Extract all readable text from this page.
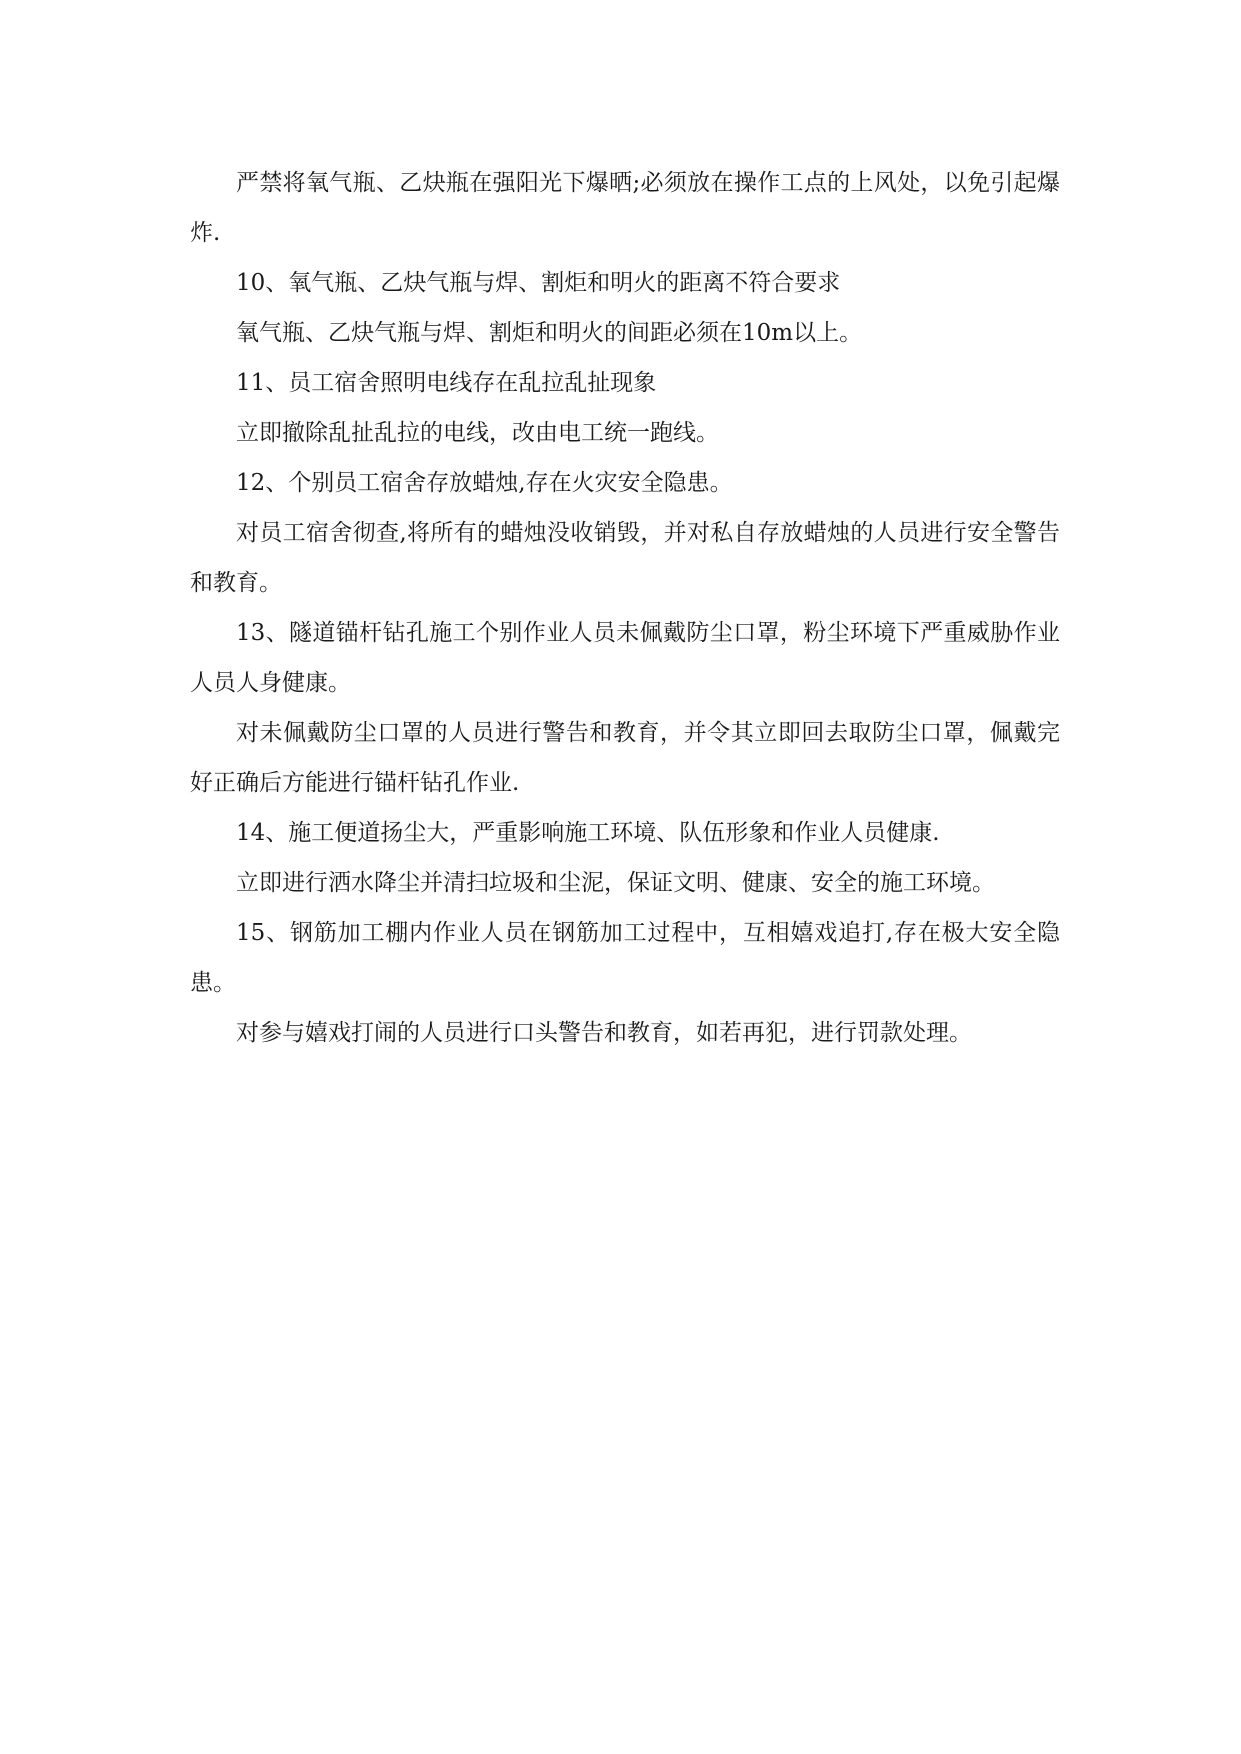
严禁将氧气瓶、乙炔瓶在强阳光下爆晒;必须放在操作工点的上风处，以免引起爆炸.

10、氧气瓶、乙炔气瓶与焊、割炬和明火的距离不符合要求

氧气瓶、乙炔气瓶与焊、割炬和明火的间距必须在10m以上。

11、员工宿舍照明电线存在乱拉乱扯现象

立即撤除乱扯乱拉的电线，改由电工统一跑线。

12、个别员工宿舍存放蜡烛,存在火灾安全隐患。

对员工宿舍彻查,将所有的蜡烛没收销毁，并对私自存放蜡烛的人员进行安全警告和教育。

13、隧道锚杆钻孔施工个别作业人员未佩戴防尘口罩，粉尘环境下严重威胁作业人员人身健康。

对未佩戴防尘口罩的人员进行警告和教育，并令其立即回去取防尘口罩，佩戴完好正确后方能进行锚杆钻孔作业.

14、施工便道扬尘大，严重影响施工环境、队伍形象和作业人员健康.

立即进行洒水降尘并清扫垃圾和尘泥，保证文明、健康、安全的施工环境。

15、钢筋加工棚内作业人员在钢筋加工过程中，互相嬉戏追打,存在极大安全隐患。

对参与嬉戏打闹的人员进行口头警告和教育，如若再犯，进行罚款处理。
